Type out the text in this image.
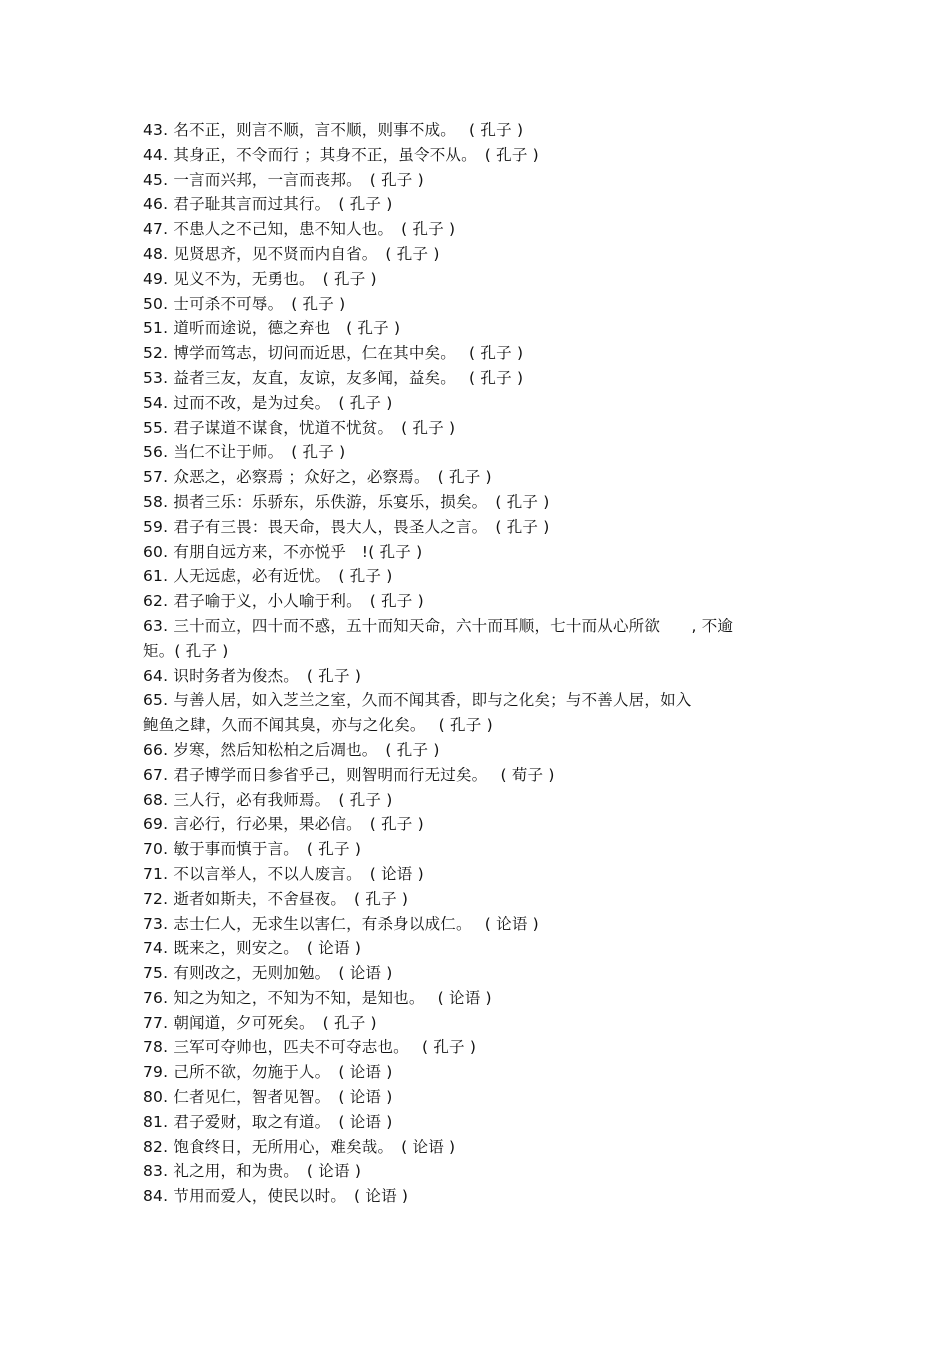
43. 名不正，则言不顺，言不顺，则事不成。　 ( 孔子 )
44. 其身正，不令而行 ；其身不正，虽令不从。　( 孔子 )
45. 一言而兴邦，一言而丧邦。　( 孔子 )
46. 君子耻其言而过其行。　( 孔子 )
47. 不患人之不己知，患不知人也。　( 孔子 )
48. 见贤思齐，见不贤而内自省。　( 孔子 )
49. 见义不为，无勇也。　( 孔子 )
50. 士可杀不可辱。　( 孔子 )
51. 道听而途说，德之弃也　( 孔子 )
52. 博学而笃志，切问而近思，仁在其中矣。　 ( 孔子 )
53. 益者三友，友直，友谅，友多闻，益矣。　 ( 孔子 )
54. 过而不改，是为过矣。　( 孔子 )
55. 君子谋道不谋食，忧道不忧贫。　( 孔子 )
56. 当仁不让于师。　( 孔子 )
57. 众恶之，必察焉 ；众好之，必察焉。　( 孔子 )
58. 损者三乐：乐骄东，乐佚游，乐宴乐，损矣。　( 孔子 )
59. 君子有三畏：畏天命，畏大人，畏圣人之言。　( 孔子 )
60. 有朋自远方来，不亦悦乎　!( 孔子 )
61. 人无远虑，必有近忧。　( 孔子 )
62. 君子喻于义，小人喻于利。　( 孔子 )
63. 三十而立，四十而不惑，五十而知天命，六十而耳顺，七十而从心所欲　　, 不逾
矩。( 孔子 )
64. 识时务者为俊杰。　( 孔子 )
65. 与善人居，如入芝兰之室，久而不闻其香，即与之化矣；与不善人居，如入
鲍鱼之肆，久而不闻其臭，亦与之化矣。　 ( 孔子 )
66. 岁寒，然后知松柏之后凋也。　( 孔子 )
67. 君子博学而日参省乎己，则智明而行无过矣。　 ( 荀子 )
68. 三人行，必有我师焉。　( 孔子 )
69. 言必行，行必果，果必信。　( 孔子 )
70. 敏于事而慎于言。　( 孔子 )
71. 不以言举人，不以人废言。　( 论语 )
72. 逝者如斯夫，不舍昼夜。　( 孔子 )
73. 志士仁人，无求生以害仁，有杀身以成仁。　 ( 论语 )
74. 既来之，则安之。　( 论语 )
75. 有则改之，无则加勉。　( 论语 )
76. 知之为知之，不知为不知，是知也。　 ( 论语 )
77. 朝闻道，夕可死矣。　( 孔子 )
78. 三军可夺帅也，匹夫不可夺志也。　 ( 孔子 )
79. 己所不欲，勿施于人。　( 论语 )
80. 仁者见仁，智者见智。　( 论语 )
81. 君子爱财，取之有道。　( 论语 )
82. 饱食终日，无所用心，难矣哉。　( 论语 )
83. 礼之用，和为贵。　( 论语 )
84. 节用而爱人，使民以时。　( 论语 )
